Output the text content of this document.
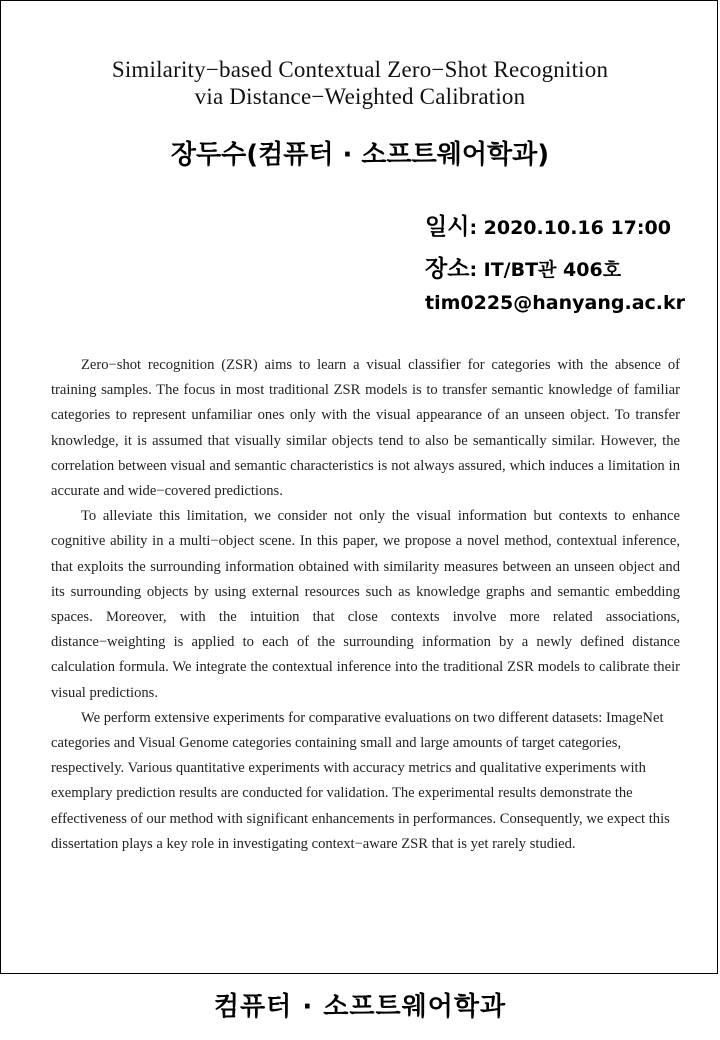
Similarity−based Contextual Zero−Shot Recognition
via Distance−Weighted Calibration
장두수(컴퓨터 · 소프트웨어학과)
일시 : 2020.10.16 17:00
장소 : IT/BT관 406호
tim0225@hanyang.ac.kr

Zero−shot recognition (ZSR) aims to learn a visual classifier for categories with the absence of training samples. The focus in most traditional ZSR models is to transfer semantic knowledge of familiar categories to represent unfamiliar ones only with the visual appearance of an unseen object. To transfer knowledge, it is assumed that visually similar objects tend to also be semantically similar. However, the correlation between visual and semantic characteristics is not always assured, which induces a limitation in accurate and wide−covered predictions.

To alleviate this limitation, we consider not only the visual information but contexts to enhance cognitive ability in a multi−object scene. In this paper, we propose a novel method, contextual inference, that exploits the surrounding information obtained with similarity measures between an unseen object and its surrounding objects by using external resources such as knowledge graphs and semantic embedding spaces. Moreover, with the intuition that close contexts involve more related associations, distance−weighting is applied to each of the surrounding information by a newly defined distance calculation formula. We integrate the contextual inference into the traditional ZSR models to calibrate their visual predictions.

We perform extensive experiments for comparative evaluations on two different datasets: ImageNet categories and Visual Genome categories containing small and large amounts of target categories, respectively. Various quantitative experiments with accuracy metrics and qualitative experiments with exemplary prediction results are conducted for validation. The experimental results demonstrate the effectiveness of our method with significant enhancements in performances. Consequently, we expect this dissertation plays a key role in investigating context−aware ZSR that is yet rarely studied.

컴퓨터 · 소프트웨어학과
